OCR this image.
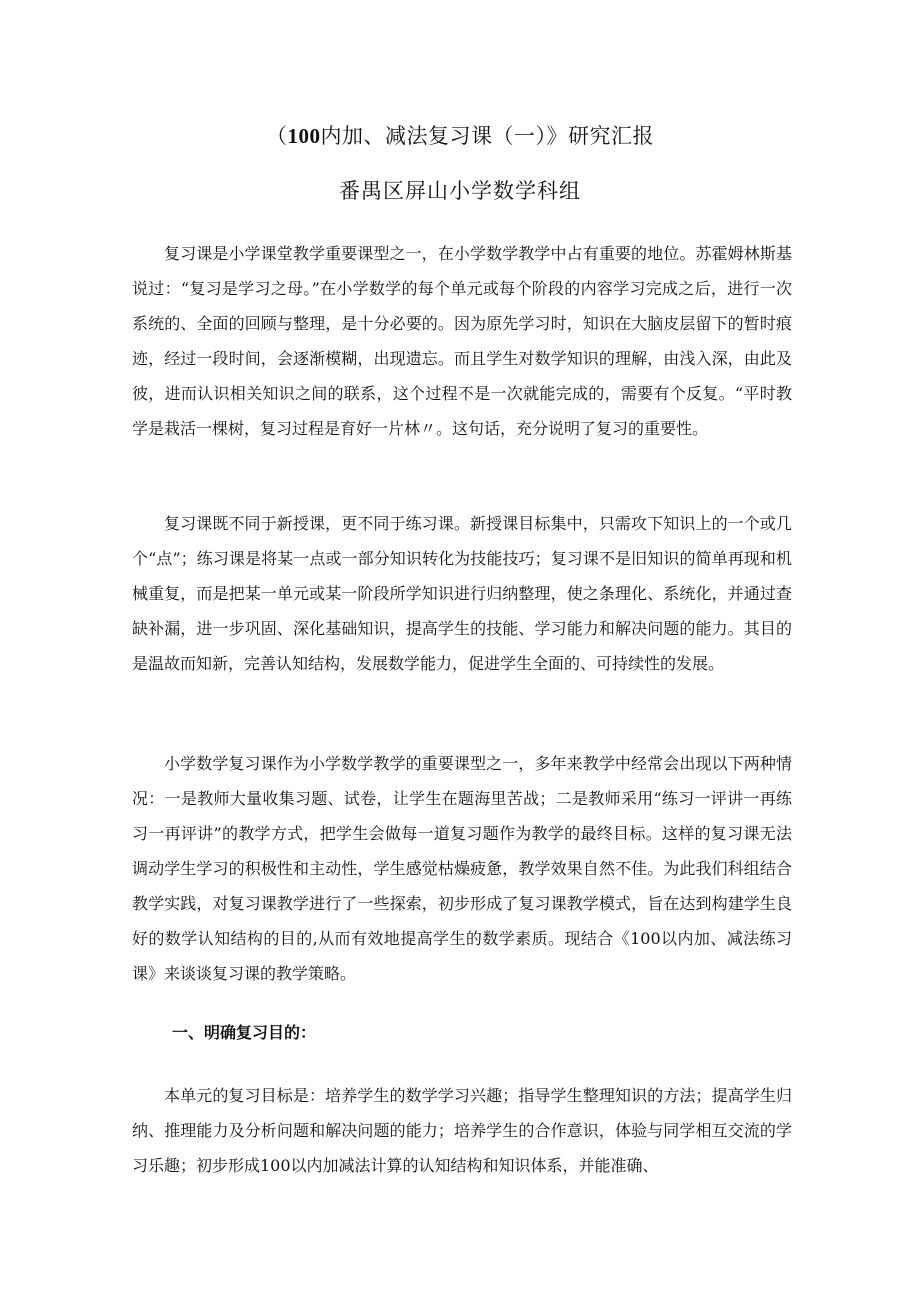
（100内加、减法复习课（一）》研究汇报
番禺区屏山小学数学科组

复习课是小学课堂教学重要课型之一，在小学数学教学中占有重要的地位。苏霍姆林斯基说过：“复习是学习之母。”在小学数学的每个单元或每个阶段的内容学习完成之后，进行一次系统的、全面的回顾与整理，是十分必要的。因为原先学习时，知识在大脑皮层留下的暂时痕迹，经过一段时间，会逐渐模糊，出现遗忘。而且学生对数学知识的理解，由浅入深，由此及彼，进而认识相关知识之间的联系，这个过程不是一次就能完成的，需要有个反复。“平时教学是栽活一棵树，复习过程是育好一片林〃。这句话，充分说明了复习的重要性。

复习课既不同于新授课，更不同于练习课。新授课目标集中，只需攻下知识上的一个或几个“点”；练习课是将某一点或一部分知识转化为技能技巧；复习课不是旧知识的简单再现和机械重复，而是把某一单元或某一阶段所学知识进行归纳整理，使之条理化、系统化，并通过查缺补漏，进一步巩固、深化基础知识，提高学生的技能、学习能力和解决问题的能力。其目的是温故而知新，完善认知结构，发展数学能力，促进学生全面的、可持续性的发展。

小学数学复习课作为小学数学教学的重要课型之一，多年来教学中经常会出现以下两种情况：一是教师大量收集习题、试卷，让学生在题海里苦战；二是教师采用“练习一评讲一再练习一再评讲”的教学方式，把学生会做每一道复习题作为教学的最终目标。这样的复习课无法调动学生学习的积极性和主动性，学生感觉枯燥疲惫，教学效果自然不佳。为此我们科组结合教学实践，对复习课教学进行了一些探索，初步形成了复习课教学模式，旨在达到构建学生良好的数学认知结构的目的,从而有效地提高学生的数学素质。现结合《100以内加、减法练习课》来谈谈复习课的教学策略。

一、明确复习目的：

本单元的复习目标是：培养学生的数学学习兴趣；指导学生整理知识的方法；提高学生归纳、推理能力及分析问题和解决问题的能力；培养学生的合作意识，体验与同学相互交流的学习乐趣；初步形成100以内加减法计算的认知结构和知识体系，并能准确、
